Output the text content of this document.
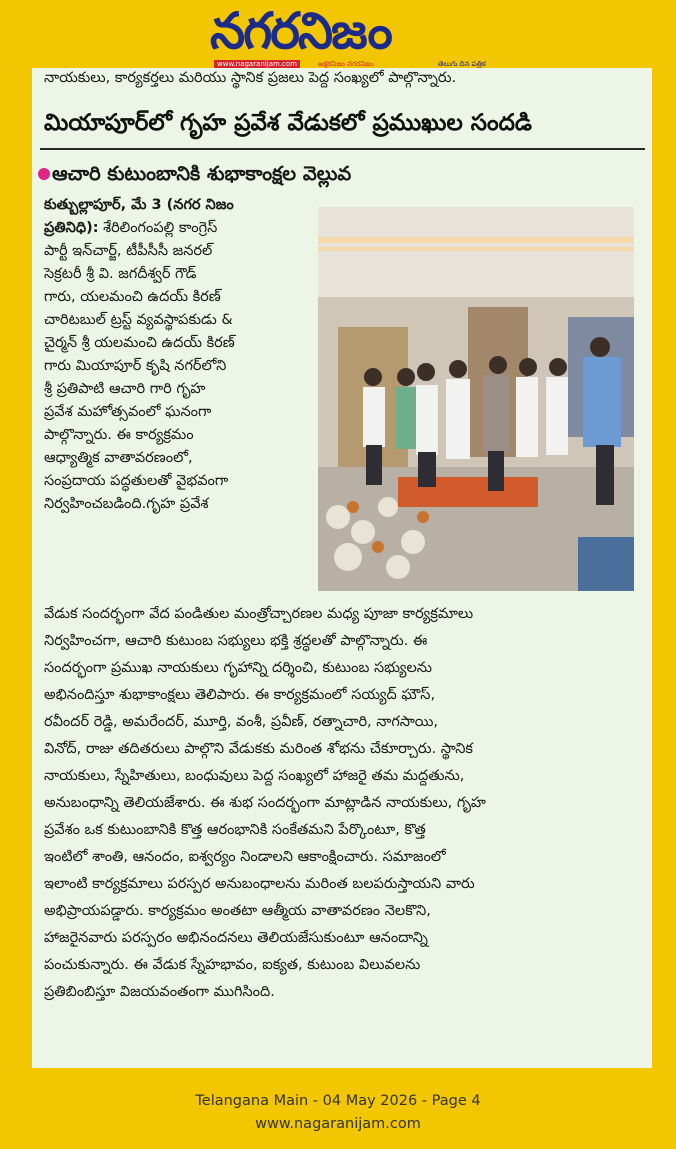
నగరనిజం
www.nagaranijam.com	అక్షరనిజం నగరనిజం	తెలుగు దిన పత్రిక
నాయకులు, కార్యకర్తలు మరియు స్థానిక ప్రజలు పెద్ద సంఖ్యలో పాల్గొన్నారు.
మియాపూర్‌లో గృహ ప్రవేశ వేడుకలో ప్రముఖుల సందడి
ఆచారి కుటుంబానికి శుభాకాంక్షల వెల్లువ
కుత్బుల్లాపూర్, మే 3 (నగర నిజం
ప్రతినిధి): శేరిలింగంపల్లి కాంగ్రెస్
పార్టీ ఇన్‌చార్జ్, టీపీసీసీ జనరల్
సెక్రటరీ శ్రీ వి. జగదీశ్వర్ గౌడ్
గారు, యలమంచి ఉదయ్ కిరణ్
చారిటబుల్ ట్రస్ట్ వ్యవస్థాపకుడు &
చైర్మన్ శ్రీ యలమంచి ఉదయ్ కిరణ్
గారు మియాపూర్ కృషి నగర్‌లోని
శ్రీ ప్రతిపాటి ఆచారి గారి గృహ
ప్రవేశ మహోత్సవంలో ఘనంగా
పాల్గొన్నారు. ఈ కార్యక్రమం
ఆధ్యాత్మిక వాతావరణంలో,
సంప్రదాయ పద్ధతులతో వైభవంగా
నిర్వహించబడింది.గృహ ప్రవేశ
వేడుక సందర్భంగా వేద పండితుల మంత్రోచ్చారణల మధ్య పూజా కార్యక్రమాలు
నిర్వహించగా, ఆచారి కుటుంబ సభ్యులు భక్తి శ్రద్ధలతో పాల్గొన్నారు. ఈ
సందర్భంగా ప్రముఖ నాయకులు గృహాన్ని దర్శించి, కుటుంబ సభ్యులను
అభినందిస్తూ శుభాకాంక్షలు తెలిపారు. ఈ కార్యక్రమంలో సయ్యద్ ఘౌస్,
రవీందర్ రెడ్డి, అమరేందర్, మూర్తి, వంశీ, ప్రవీణ్, రత్నాచారి, నాగసాయి,
వినోద్, రాజు తదితరులు పాల్గొని వేడుకకు మరింత శోభను చేకూర్చారు. స్థానిక
నాయకులు, స్నేహితులు, బంధువులు పెద్ద సంఖ్యలో హాజరై తమ మద్దతును,
అనుబంధాన్ని తెలియజేశారు. ఈ శుభ సందర్భంగా మాట్లాడిన నాయకులు, గృహ
ప్రవేశం ఒక కుటుంబానికి కొత్త ఆరంభానికి సంకేతమని పేర్కొంటూ, కొత్త
ఇంటిలో శాంతి, ఆనందం, ఐశ్వర్యం నిండాలని ఆకాంక్షించారు. సమాజంలో
ఇలాంటి కార్యక్రమాలు పరస్పర అనుబంధాలను మరింత బలపరుస్తాయని వారు
అభిప్రాయపడ్డారు. కార్యక్రమం అంతటా ఆత్మీయ వాతావరణం నెలకొని,
హాజరైనవారు పరస్పరం అభినందనలు తెలియజేసుకుంటూ ఆనందాన్ని
పంచుకున్నారు. ఈ వేడుక స్నేహభావం, ఐక్యత, కుటుంబ విలువలను
ప్రతిబింబిస్తూ విజయవంతంగా ముగిసింది.
Telangana Main - 04 May 2026 - Page 4
www.nagaranijam.com
